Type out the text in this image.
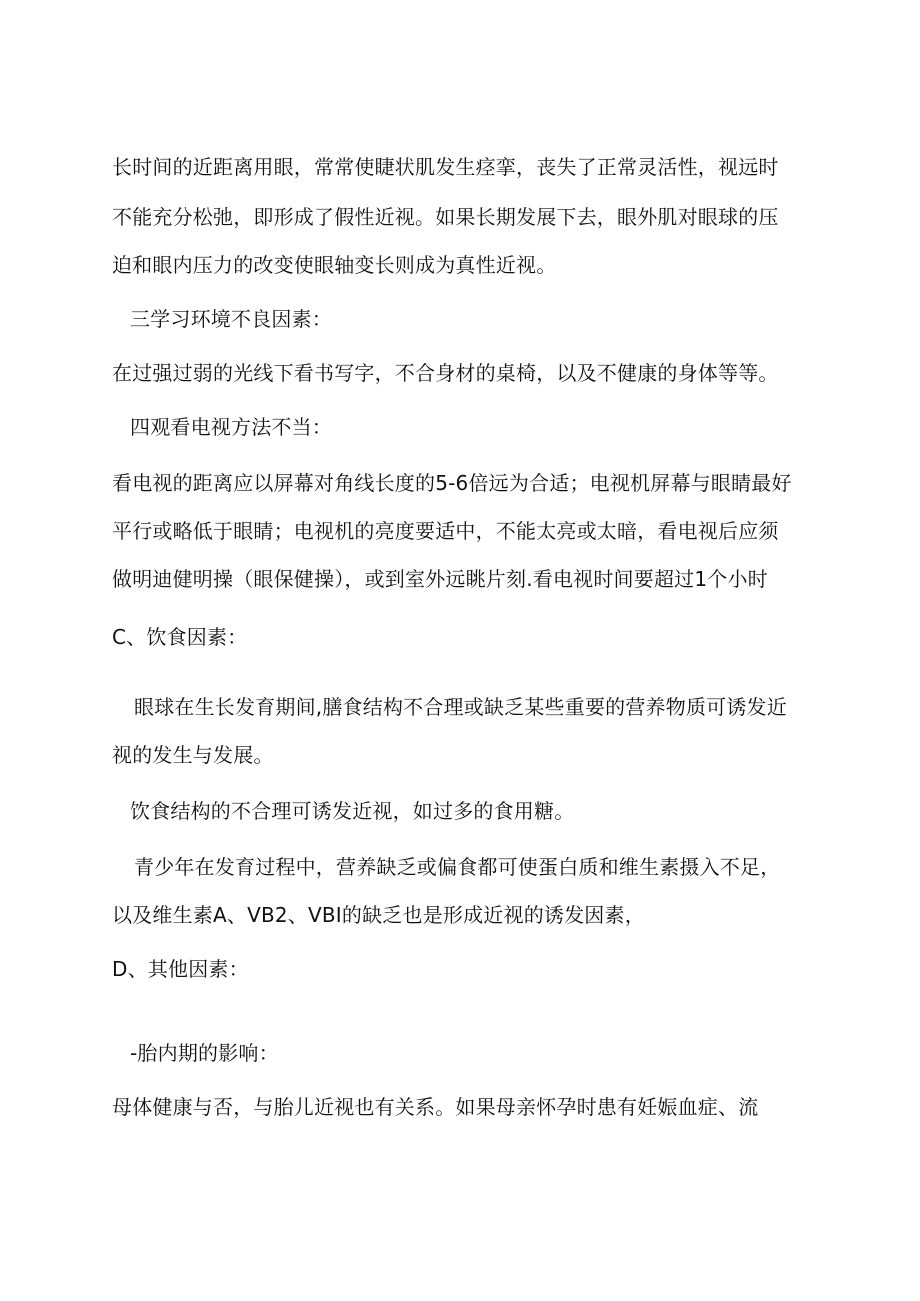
长时间的近距离用眼，常常使睫状肌发生痉挛，丧失了正常灵活性，视远时
不能充分松弛，即形成了假性近视。如果长期发展下去，眼外肌对眼球的压
迫和眼内压力的改变使眼轴变长则成为真性近视。
三学习环境不良因素：
在过强过弱的光线下看书写字，不合身材的桌椅，以及不健康的身体等等。
四观看电视方法不当：
看电视的距离应以屏幕对角线长度的5-6倍远为合适；电视机屏幕与眼睛最好
平行或略低于眼睛；电视机的亮度要适中，不能太亮或太暗，看电视后应须
做明迪健明操（眼保健操），或到室外远眺片刻.看电视时间要超过1个小时
C、饮食因素：
眼球在生长发育期间,膳食结构不合理或缺乏某些重要的营养物质可诱发近
视的发生与发展。
饮食结构的不合理可诱发近视，如过多的食用糖。
青少年在发育过程中，营养缺乏或偏食都可使蛋白质和维生素摄入不足，
以及维生素A、VB2、VBI的缺乏也是形成近视的诱发因素，
D、其他因素：
-胎内期的影响：
母体健康与否，与胎儿近视也有关系。如果母亲怀孕时患有妊娠血症、流
